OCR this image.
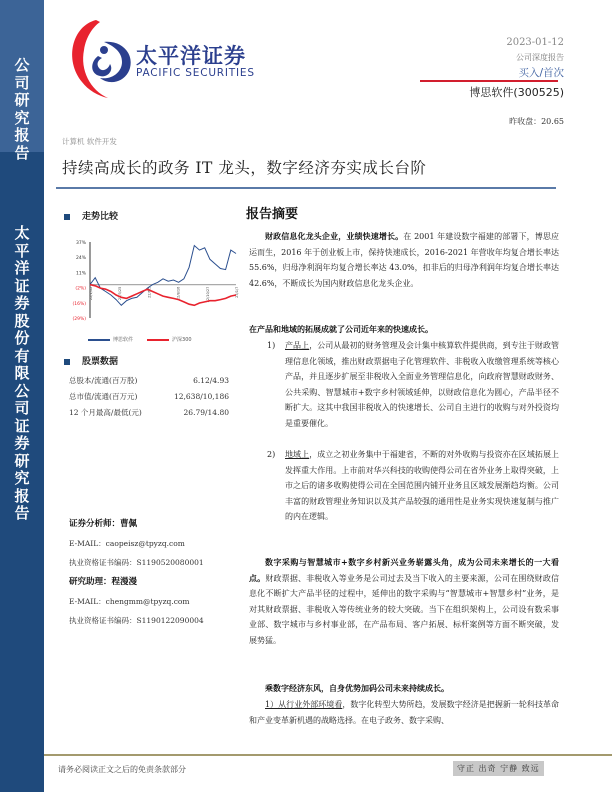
公司研究报告
太平洋证券股份有限公司证券研究报告
太平洋证券
PACIFIC SECURITIES
2023-01-12
公司深度报告
买入/首次
博思软件(300525)
昨收盘：20.65
计算机 软件开发
持续高成长的政务 IT 龙头，数字经济夯实成长台阶
走势比较
37%
24%
11%
(2%)
(16%)
(29%)
22/1/12	22/3/25	22/6/5	22/8/16	22/10/27	23/1/7
博思软件	沪深300
股票数据
总股本/流通(百万股)	6.12/4.93
总市值/流通(百万元)	12,638/10,186
12 个月最高/最低(元)	26.79/14.80
证券分析师：曹佩
E-MAIL：caopeisz@tpyzq.com
执业资格证书编码：S1190520080001
研究助理：程漫漫
E-MAIL：chengmm@tpyzq.com
执业资格证书编码：S1190122090004
报告摘要
财政信息化龙头企业，业绩快速增长。在 2001 年建设数字福建的部署下，博思应运而生，2016 年于创业板上市，保持快速成长，2016-2021 年营收年均复合增长率达 55.6%，归母净利润年均复合增长率达 43.0%，扣非后的归母净利润年均复合增长率达 42.6%，不断成长为国内财政信息化龙头企业。
在产品和地域的拓展成就了公司近年来的快速成长。
1) 产品上，公司从最初的财务管理及会计集中核算软件提供商，到专注于财政管理信息化领域，推出财政票据电子化管理软件、非税收入收缴管理系统等核心产品，并且逐步扩展至非税收入全面业务管理信息化，向政府智慧财政财务、公共采购、智慧城市+数字乡村领域延伸，以财政信息化为圆心，产品半径不断扩大。这其中我国非税收入的快速增长、公司自主进行的收购与对外投资均是重要催化。
2) 地域上，成立之初业务集中于福建省，不断的对外收购与投资亦在区域拓展上发挥重大作用。上市前对华兴科技的收购使得公司在省外业务上取得突破，上市之后的诸多收购使得公司在全国范围内铺开业务且区域发展渐趋均衡。公司丰富的财政管理业务知识以及其产品较强的通用性是业务实现快速复制与推广的内在逻辑。
数字采购与智慧城市+数字乡村新兴业务崭露头角，成为公司未来增长的一大看点。财政票据、非税收入等业务是公司过去及当下收入的主要来源，公司在围绕财政信息化不断扩大产品半径的过程中，延伸出的数字采购与“智慧城市+智慧乡村”业务，是对其财政票据、非税收入等传统业务的较大突破。当下在组织架构上，公司设有数采事业部、数字城市与乡村事业部，在产品布局、客户拓展、标杆案例等方面不断突破，发展势猛。
乘数字经济东风，自身优势加码公司未来持续成长。
1）从行业外部环境看，数字化转型大势所趋，发展数字经济是把握新一轮科技革命和产业变革新机遇的战略选择。在电子政务、数字采购、
请务必阅读正文之后的免责条款部分	守正 出奇 宁静 致远
